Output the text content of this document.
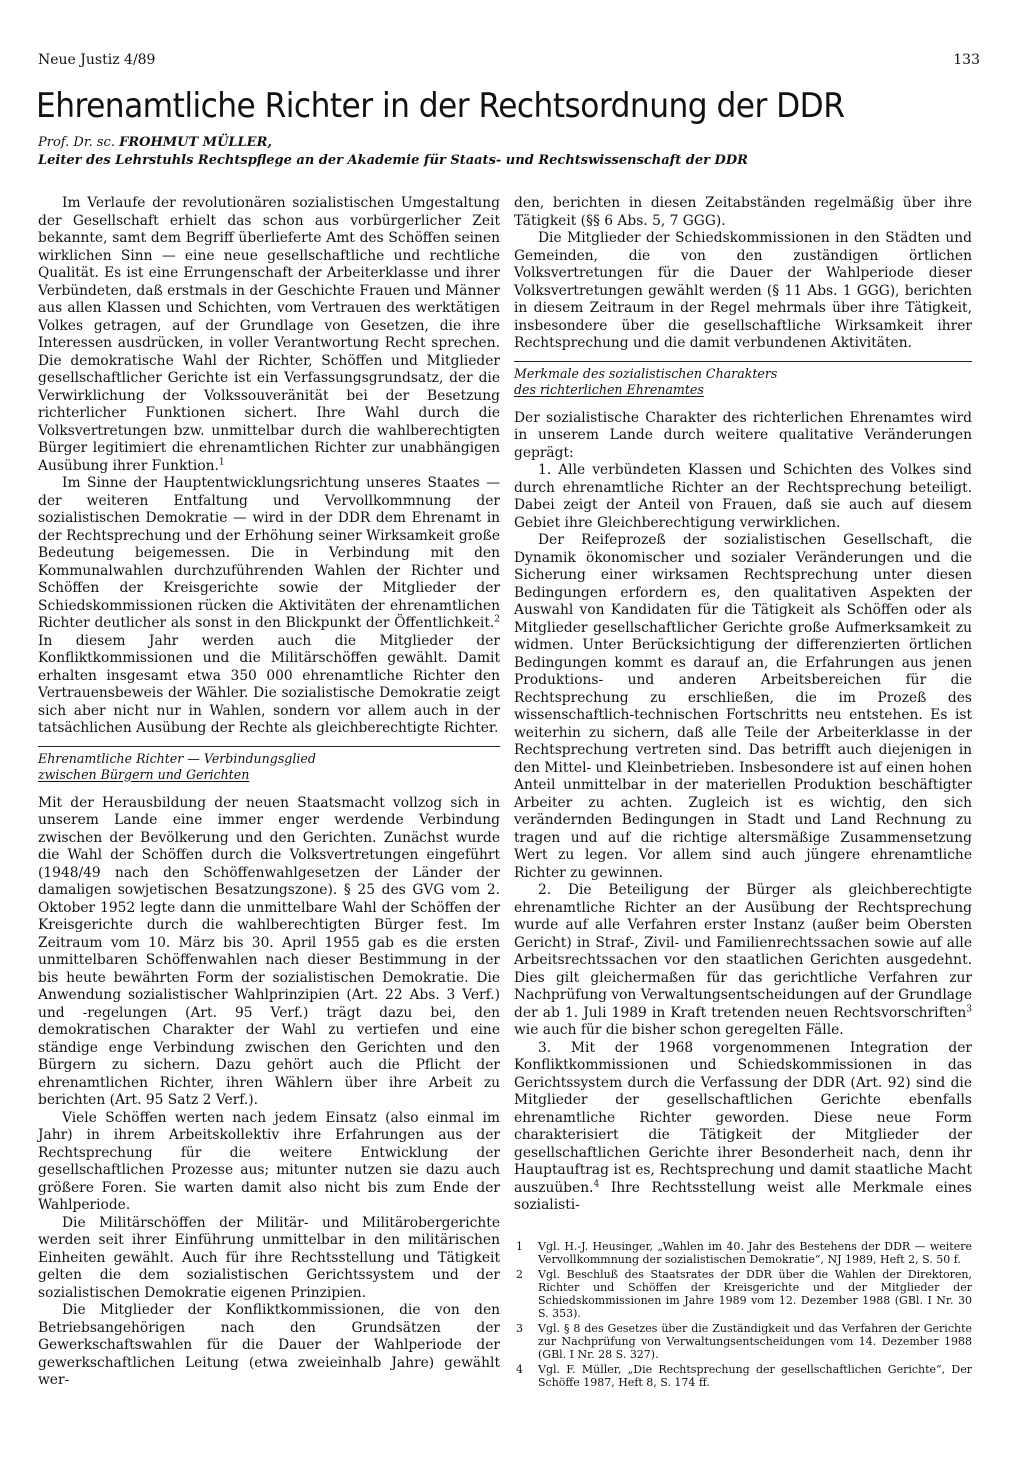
Neue Justiz 4/89	133
Ehrenamtliche Richter in der Rechtsordnung der DDR

Prof. Dr. sc. FROHMUT MÜLLER,

Leiter des Lehrstuhls Rechtspflege an der Akademie für Staats- und Rechtswissenschaft der DDR

Im Verlaufe der revolutionären sozialistischen Umgestaltung der Gesellschaft erhielt das schon aus vorbürgerlicher Zeit bekannte, samt dem Begriff überlieferte Amt des Schöffen seinen wirklichen Sinn — eine neue gesellschaftliche und rechtliche Qualität. Es ist eine Errungenschaft der Arbeiterklasse und ihrer Verbündeten, daß erstmals in der Geschichte Frauen und Männer aus allen Klassen und Schichten, vom Vertrauen des werktätigen Volkes getragen, auf der Grundlage von Gesetzen, die ihre Interessen ausdrücken, in voller Verantwortung Recht sprechen. Die demokratische Wahl der Richter, Schöffen und Mitglieder gesellschaftlicher Gerichte ist ein Verfassungsgrundsatz, der die Verwirklichung der Volkssouveränität bei der Besetzung richterlicher Funktionen sichert. Ihre Wahl durch die Volksvertretungen bzw. unmittelbar durch die wahlberechtigten Bürger legitimiert die ehrenamtlichen Richter zur unabhängigen Ausübung ihrer Funktion.$^1$

Im Sinne der Hauptentwicklungsrichtung unseres Staates — der weiteren Entfaltung und Vervollkommnung der sozialistischen Demokratie — wird in der DDR dem Ehrenamt in der Rechtsprechung und der Erhöhung seiner Wirksamkeit große Bedeutung beigemessen. Die in Verbindung mit den Kommunalwahlen durchzuführenden Wahlen der Richter und Schöffen der Kreisgerichte sowie der Mitglieder der Schiedskommissionen rücken die Aktivitäten der ehrenamtlichen Richter deutlicher als sonst in den Blickpunkt der Öffentlichkeit.$^2$ In diesem Jahr werden auch die Mitglieder der Konfliktkommissionen und die Militärschöffen gewählt. Damit erhalten insgesamt etwa 350 000 ehrenamtliche Richter den Vertrauensbeweis der Wähler. Die sozialistische Demokratie zeigt sich aber nicht nur in Wahlen, sondern vor allem auch in der tatsächlichen Ausübung der Rechte als gleichberechtigte Richter.

Ehrenamtliche Richter — Verbindungsglied
zwischen Bürgern und Gerichten

Mit der Herausbildung der neuen Staatsmacht vollzog sich in unserem Lande eine immer enger werdende Verbindung zwischen der Bevölkerung und den Gerichten. Zunächst wurde die Wahl der Schöffen durch die Volksvertretungen eingeführt (1948/49 nach den Schöffenwahlgesetzen der Länder der damaligen sowjetischen Besatzungszone). § 25 des GVG vom 2. Oktober 1952 legte dann die unmittelbare Wahl der Schöffen der Kreisgerichte durch die wahlberechtigten Bürger fest. Im Zeitraum vom 10. März bis 30. April 1955 gab es die ersten unmittelbaren Schöffenwahlen nach dieser Bestimmung in der bis heute bewährten Form der sozialistischen Demokratie. Die Anwendung sozialistischer Wahlprinzipien (Art. 22 Abs. 3 Verf.) und -regelungen (Art. 95 Verf.) trägt dazu bei, den demokratischen Charakter der Wahl zu vertiefen und eine ständige enge Verbindung zwischen den Gerichten und den Bürgern zu sichern. Dazu gehört auch die Pflicht der ehrenamtlichen Richter, ihren Wählern über ihre Arbeit zu berichten (Art. 95 Satz 2 Verf.).

Viele Schöffen werten nach jedem Einsatz (also einmal im Jahr) in ihrem Arbeitskollektiv ihre Erfahrungen aus der Rechtsprechung für die weitere Entwicklung der gesellschaftlichen Prozesse aus; mitunter nutzen sie dazu auch größere Foren. Sie warten damit also nicht bis zum Ende der Wahlperiode.

Die Militärschöffen der Militär- und Militärobergerichte werden seit ihrer Einführung unmittelbar in den militärischen Einheiten gewählt. Auch für ihre Rechtsstellung und Tätigkeit gelten die dem sozialistischen Gerichtssystem und der sozialistischen Demokratie eigenen Prinzipien.

Die Mitglieder der Konfliktkommissionen, die von den Betriebsangehörigen nach den Grundsätzen der Gewerkschaftswahlen für die Dauer der Wahlperiode der gewerkschaftlichen Leitung (etwa zweieinhalb Jahre) gewählt wer-

den, berichten in diesen Zeitabständen regelmäßig über ihre Tätigkeit (§§ 6 Abs. 5, 7 GGG).

Die Mitglieder der Schiedskommissionen in den Städten und Gemeinden, die von den zuständigen örtlichen Volksvertretungen für die Dauer der Wahlperiode dieser Volksvertretungen gewählt werden (§ 11 Abs. 1 GGG), berichten in diesem Zeitraum in der Regel mehrmals über ihre Tätigkeit, insbesondere über die gesellschaftliche Wirksamkeit ihrer Rechtsprechung und die damit verbundenen Aktivitäten.

Merkmale des sozialistischen Charakters
des richterlichen Ehrenamtes

Der sozialistische Charakter des richterlichen Ehrenamtes wird in unserem Lande durch weitere qualitative Veränderungen geprägt:

1. Alle verbündeten Klassen und Schichten des Volkes sind durch ehrenamtliche Richter an der Rechtsprechung beteiligt. Dabei zeigt der Anteil von Frauen, daß sie auch auf diesem Gebiet ihre Gleichberechtigung verwirklichen.

Der Reifeprozeß der sozialistischen Gesellschaft, die Dynamik ökonomischer und sozialer Veränderungen und die Sicherung einer wirksamen Rechtsprechung unter diesen Bedingungen erfordern es, den qualitativen Aspekten der Auswahl von Kandidaten für die Tätigkeit als Schöffen oder als Mitglieder gesellschaftlicher Gerichte große Aufmerksamkeit zu widmen. Unter Berücksichtigung der differenzierten örtlichen Bedingungen kommt es darauf an, die Erfahrungen aus jenen Produktions- und anderen Arbeitsbereichen für die Rechtsprechung zu erschließen, die im Prozeß des wissenschaftlich-technischen Fortschritts neu entstehen. Es ist weiterhin zu sichern, daß alle Teile der Arbeiterklasse in der Rechtsprechung vertreten sind. Das betrifft auch diejenigen in den Mittel- und Kleinbetrieben. Insbesondere ist auf einen hohen Anteil unmittelbar in der materiellen Produktion beschäftigter Arbeiter zu achten. Zugleich ist es wichtig, den sich verändernden Bedingungen in Stadt und Land Rechnung zu tragen und auf die richtige altersmäßige Zusammensetzung Wert zu legen. Vor allem sind auch jüngere ehrenamtliche Richter zu gewinnen.

2. Die Beteiligung der Bürger als gleichberechtigte ehrenamtliche Richter an der Ausübung der Rechtsprechung wurde auf alle Verfahren erster Instanz (außer beim Obersten Gericht) in Straf-, Zivil- und Familienrechtssachen sowie auf alle Arbeitsrechtssachen vor den staatlichen Gerichten ausgedehnt. Dies gilt gleichermaßen für das gerichtliche Verfahren zur Nachprüfung von Verwaltungsentscheidungen auf der Grundlage der ab 1. Juli 1989 in Kraft tretenden neuen Rechtsvorschriften$^3$ wie auch für die bisher schon geregelten Fälle.

3. Mit der 1968 vorgenommenen Integration der Konfliktkommissionen und Schiedskommissionen in das Gerichtssystem durch die Verfassung der DDR (Art. 92) sind die Mitglieder der gesellschaftlichen Gerichte ebenfalls ehrenamtliche Richter geworden. Diese neue Form charakterisiert die Tätigkeit der Mitglieder der gesellschaftlichen Gerichte ihrer Besonderheit nach, denn ihr Hauptauftrag ist es, Rechtsprechung und damit staatliche Macht auszuüben.$^4$ Ihre Rechtsstellung weist alle Merkmale eines sozialisti-

1	Vgl. H.-J. Heusinger, „Wahlen im 40. Jahr des Bestehens der DDR — weitere Vervollkommnung der sozialistischen Demokratie“, NJ 1989, Heft 2, S. 50 f.
2	Vgl. Beschluß des Staatsrates der DDR über die Wahlen der Direktoren, Richter und Schöffen der Kreisgerichte und der Mitglieder der Schiedskommissionen im Jahre 1989 vom 12. Dezember 1988 (GBl. I Nr. 30 S. 353).
3	Vgl. § 8 des Gesetzes über die Zuständigkeit und das Verfahren der Gerichte zur Nachprüfung von Verwaltungsentscheidungen vom 14. Dezember 1988 (GBl. I Nr. 28 S. 327).
4	Vgl. F. Müller, „Die Rechtsprechung der gesellschaftlichen Gerichte“, Der Schöffe 1987, Heft 8, S. 174 ff.
